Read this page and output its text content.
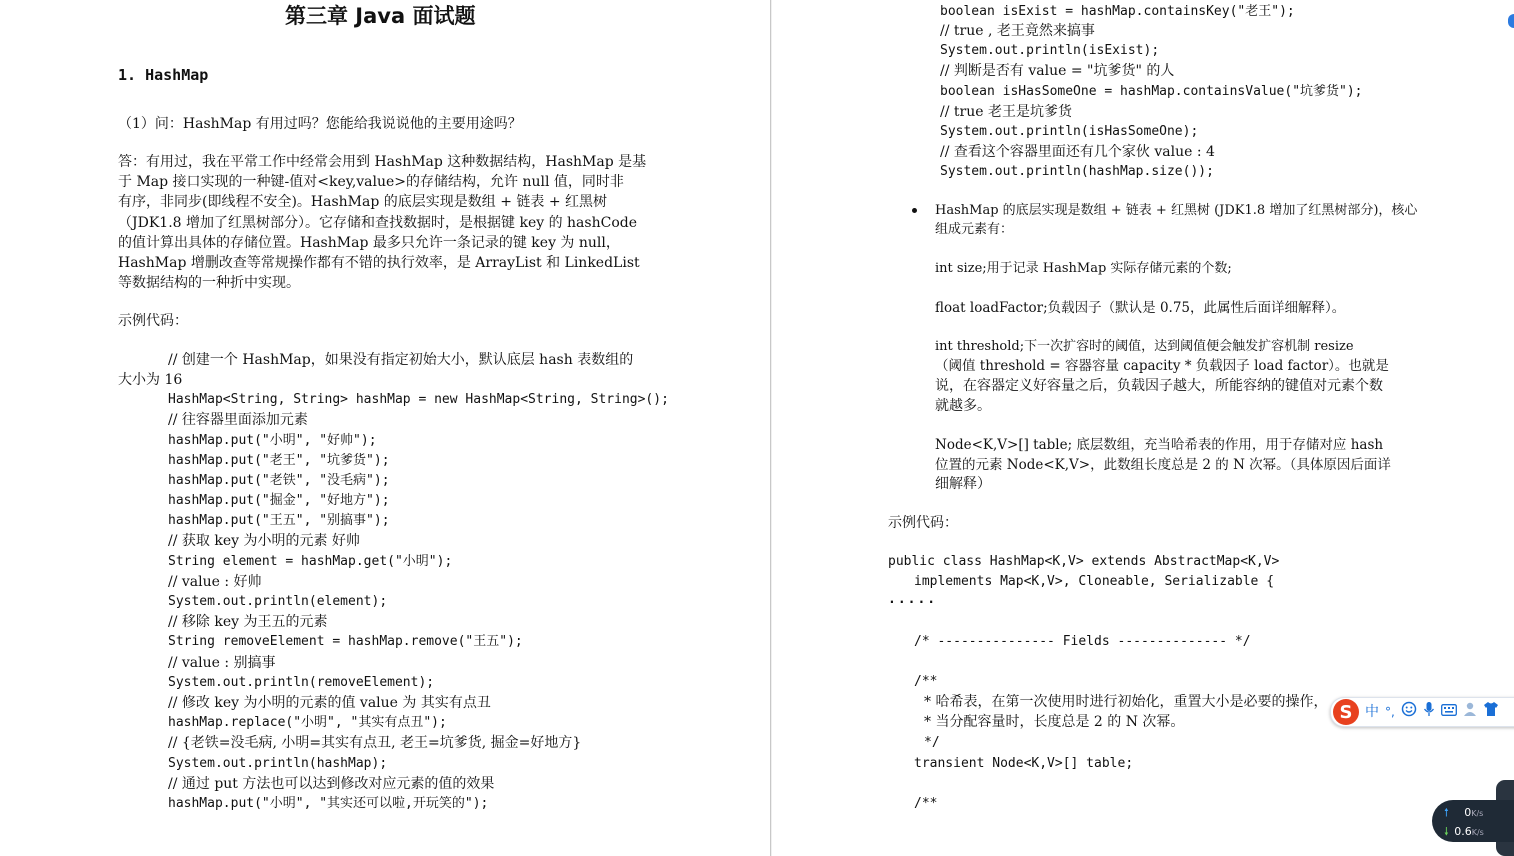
第三章 Java 面试题
1. HashMap
（1）问：HashMap 有用过吗？您能给我说说他的主要用途吗？
答：有用过，我在平常工作中经常会用到 HashMap 这种数据结构，HashMap 是基
于 Map 接口实现的一种键-值对<key,value>的存储结构，允许 null 值，同时非
有序，非同步(即线程不安全)。HashMap 的底层实现是数组 + 链表 + 红黑树
（JDK1.8 增加了红黑树部分）。它存储和查找数据时，是根据键 key 的 hashCode
的值计算出具体的存储位置。HashMap 最多只允许一条记录的键 key 为 null，
HashMap 增删改查等常规操作都有不错的执行效率，是 ArrayList 和 LinkedList
等数据结构的一种折中实现。
示例代码：
// 创建一个 HashMap，如果没有指定初始大小，默认底层 hash 表数组的
大小为 16
HashMap<String, String> hashMap = new HashMap<String, String>();
// 往容器里面添加元素
hashMap.put("小明", "好帅");
hashMap.put("老王", "坑爹货");
hashMap.put("老铁", "没毛病");
hashMap.put("掘金", "好地方");
hashMap.put("王五", "别搞事");
// 获取 key 为小明的元素 好帅
String element = hashMap.get("小明");
// value : 好帅
System.out.println(element);
// 移除 key 为王五的元素
String removeElement = hashMap.remove("王五");
// value : 别搞事
System.out.println(removeElement);
// 修改 key 为小明的元素的值 value 为 其实有点丑
hashMap.replace("小明", "其实有点丑");
// {老铁=没毛病, 小明=其实有点丑, 老王=坑爹货, 掘金=好地方}
System.out.println(hashMap);
// 通过 put 方法也可以达到修改对应元素的值的效果
hashMap.put("小明", "其实还可以啦,开玩笑的");
boolean isExist = hashMap.containsKey("老王");
// true , 老王竟然来搞事
System.out.println(isExist);
// 判断是否有 value = "坑爹货" 的人
boolean isHasSomeOne = hashMap.containsValue("坑爹货");
// true 老王是坑爹货
System.out.println(isHasSomeOne);
// 查看这个容器里面还有几个家伙 value : 4
System.out.println(hashMap.size());
HashMap 的底层实现是数组 + 链表 + 红黑树 (JDK1.8 增加了红黑树部分)，核心
组成元素有：
int size;用于记录 HashMap 实际存储元素的个数;
float loadFactor;负载因子（默认是 0.75，此属性后面详细解释）。
int threshold;下一次扩容时的阈值，达到阈值便会触发扩容机制 resize
（阈值 threshold = 容器容量 capacity * 负载因子 load factor）。也就是
说，在容器定义好容量之后，负载因子越大，所能容纳的键值对元素个数
就越多。
Node<K,V>[] table; 底层数组，充当哈希表的作用，用于存储对应 hash
位置的元素 Node<K,V>，此数组长度总是 2 的 N 次幂。（具体原因后面详
细解释）
示例代码：
public class HashMap<K,V> extends AbstractMap<K,V>
implements Map<K,V>, Cloneable, Serializable {
.....
/* --------------- Fields -------------- */
/**
* 哈希表，在第一次使用时进行初始化，重置大小是必要的操作，
* 当分配容量时，长度总是 2 的 N 次幂。
*/
transient Node<K,V>[] table;
/**
S 中 °,
🠕 0K/s
🠗 0.6K/s
